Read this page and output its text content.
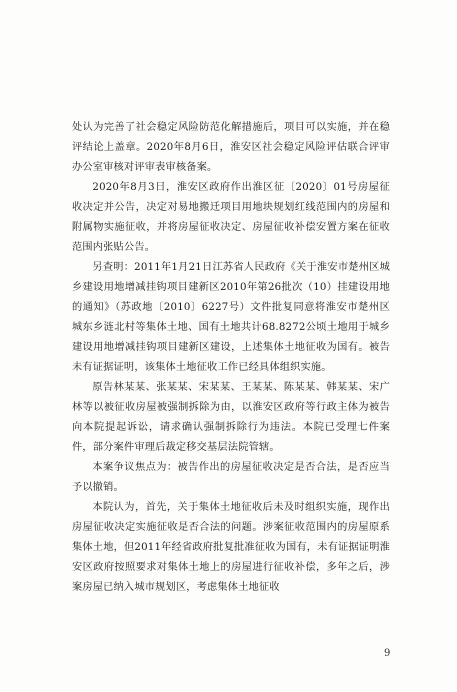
处认为完善了社会稳定风险防范化解措施后，项目可以实施，并在稳评结论上盖章。2020年8月6日，淮安区社会稳定风险评估联合评审办公室审核对评审表审核备案。

2020年8月3日，淮安区政府作出淮区征〔2020〕01号房屋征收决定并公告，决定对易地搬迁项目用地块规划红线范围内的房屋和附属物实施征收，并将房屋征收决定、房屋征收补偿安置方案在征收范围内张贴公告。

另查明：2011年1月21日江苏省人民政府《关于淮安市楚州区城乡建设用地增减挂钩项目建新区2010年第26批次（10）挂建设用地的通知》（苏政地〔2010〕6227号）文件批复同意将淮安市楚州区城东乡涟北村等集体土地、国有土地共计68.8272公顷土地用于城乡建设用地增减挂钩项目建新区建设，上述集体土地征收为国有。被告未有证据证明，该集体土地征收工作已经具体组织实施。

原告林某某、张某某、宋某某、王某某、陈某某、韩某某、宋广林等以被征收房屋被强制拆除为由，以淮安区政府等行政主体为被告向本院提起诉讼，请求确认强制拆除行为违法。本院已受理七件案件，部分案件审理后裁定移交基层法院管辖。

本案争议焦点为：被告作出的房屋征收决定是否合法，是否应当予以撤销。

本院认为，首先，关于集体土地征收后未及时组织实施，现作出房屋征收决定实施征收是否合法的问题。涉案征收范围内的房屋原系集体土地，但2011年经省政府批复批准征收为国有，未有证据证明淮安区政府按照要求对集体土地上的房屋进行征收补偿，多年之后，涉案房屋已纳入城市规划区，考虑集体土地征收

9
